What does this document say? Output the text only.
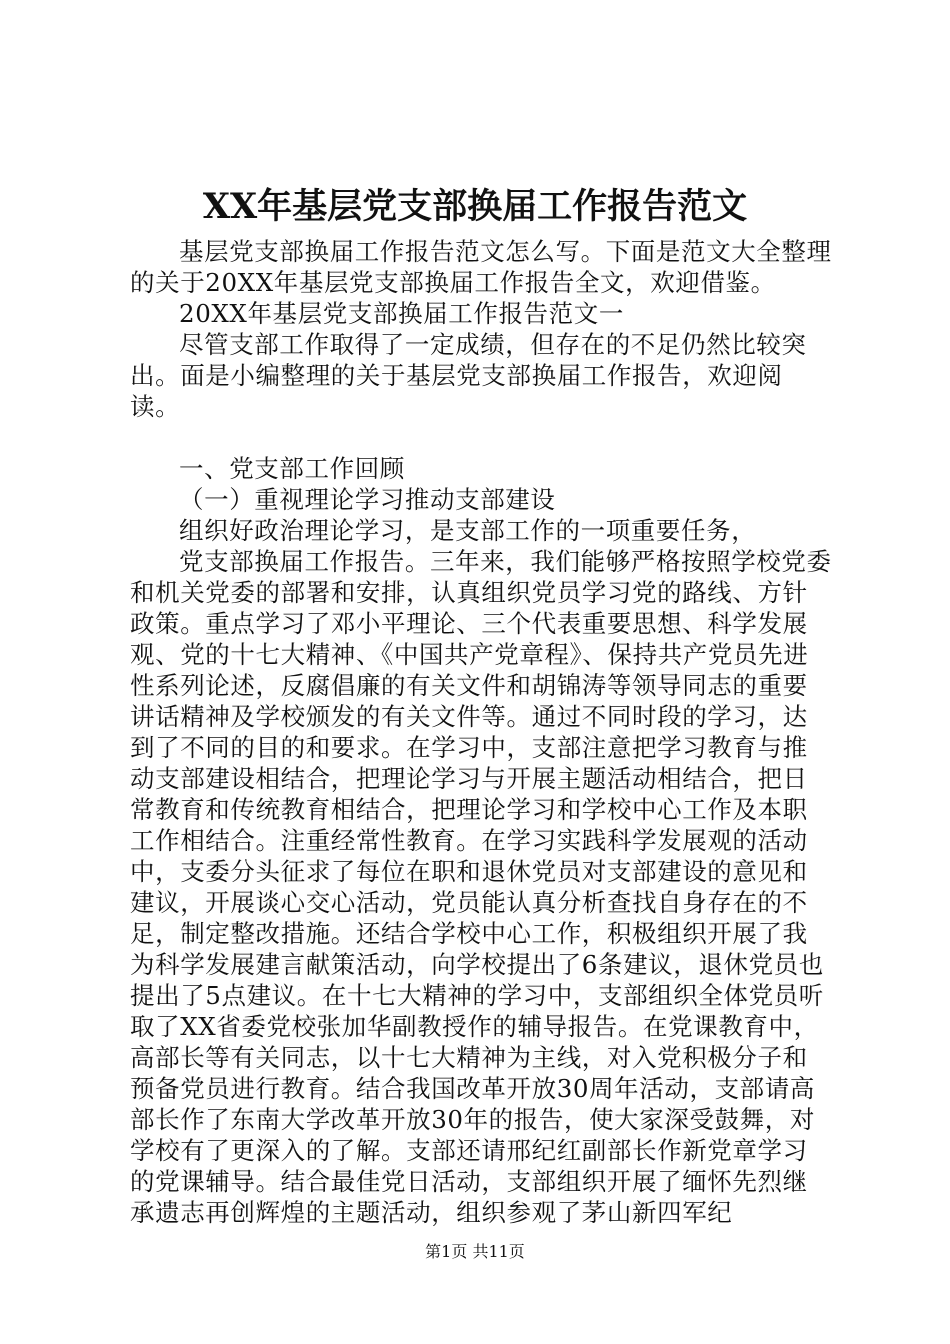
XX年基层党支部换届工作报告范文

基层党支部换届工作报告范文怎么写。下面是范文大全整理的关于20XX年基层党支部换届工作报告全文，欢迎借鉴。

20XX年基层党支部换届工作报告范文一

尽管支部工作取得了一定成绩，但存在的不足仍然比较突出。面是小编整理的关于基层党支部换届工作报告，欢迎阅读。

一、党支部工作回顾

（一）重视理论学习推动支部建设

组织好政治理论学习，是支部工作的一项重要任务，

党支部换届工作报告。三年来，我们能够严格按照学校党委和机关党委的部署和安排，认真组织党员学习党的路线、方针政策。重点学习了邓小平理论、三个代表重要思想、科学发展观、党的十七大精神、《中国共产党章程》、保持共产党员先进性系列论述，反腐倡廉的有关文件和胡锦涛等领导同志的重要讲话精神及学校颁发的有关文件等。通过不同时段的学习，达到了不同的目的和要求。在学习中，支部注意把学习教育与推动支部建设相结合，把理论学习与开展主题活动相结合，把日常教育和传统教育相结合，把理论学习和学校中心工作及本职工作相结合。注重经常性教育。在学习实践科学发展观的活动中，支委分头征求了每位在职和退休党员对支部建设的意见和建议，开展谈心交心活动，党员能认真分析查找自身存在的不足，制定整改措施。还结合学校中心工作，积极组织开展了我为科学发展建言献策活动，向学校提出了6条建议，退休党员也提出了5点建议。在十七大精神的学习中，支部组织全体党员听取了XX省委党校张加华副教授作的辅导报告。在党课教育中，高部长等有关同志，以十七大精神为主线，对入党积极分子和预备党员进行教育。结合我国改革开放30周年活动，支部请高部长作了东南大学改革开放30年的报告，使大家深受鼓舞，对学校有了更深入的了解。支部还请邢纪红副部长作新党章学习的党课辅导。结合最佳党日活动，支部组织开展了缅怀先烈继承遗志再创辉煌的主题活动，组织参观了茅山新四军纪

第1页 共11页
